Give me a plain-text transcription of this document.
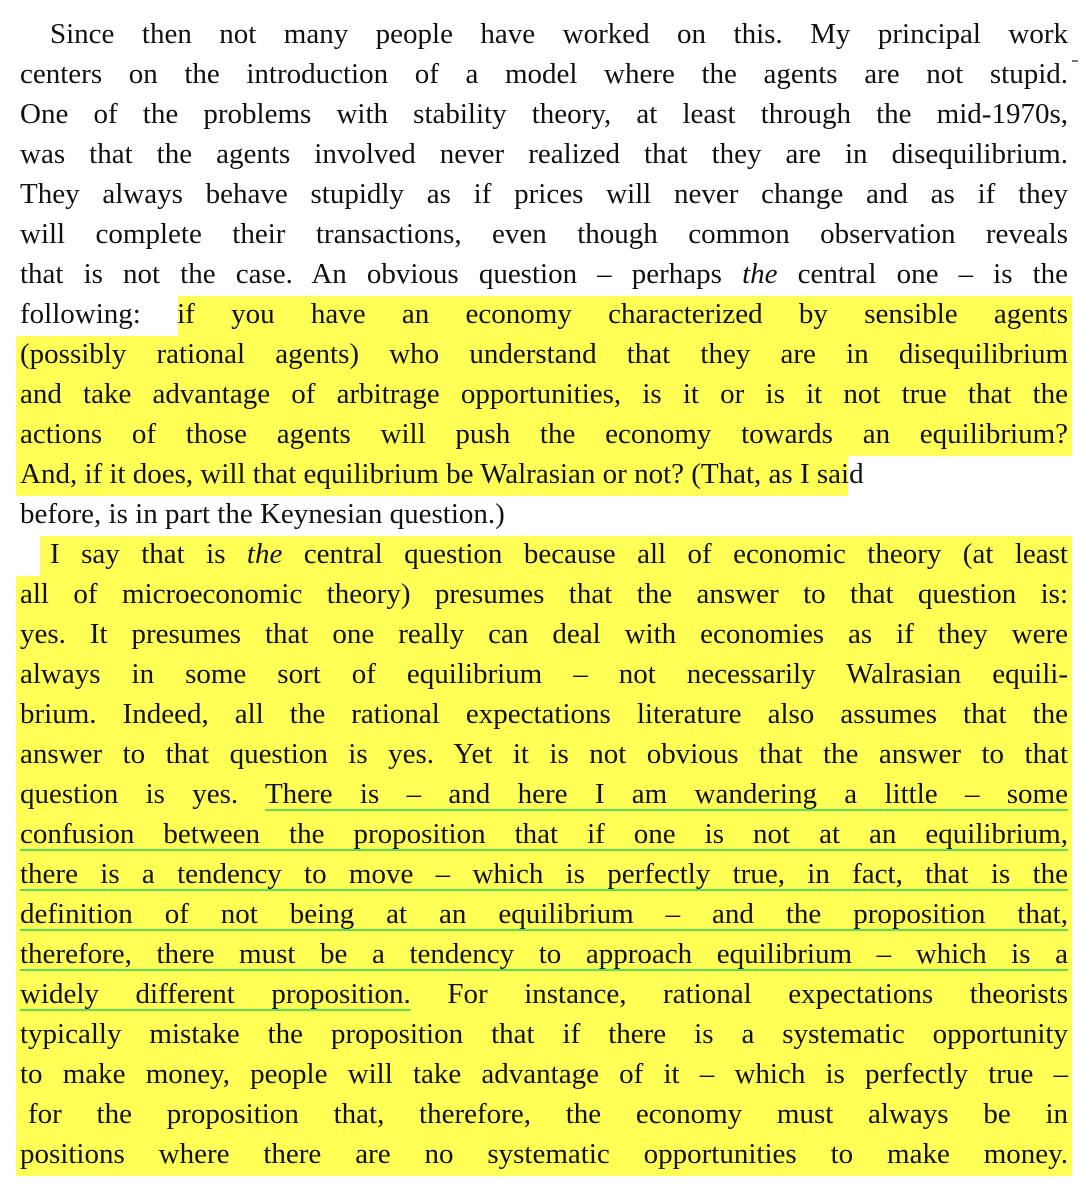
Since then not many people have worked on this. My principal work
centers on the introduction of a model where the agents are not stupid.
One of the problems with stability theory, at least through the mid-1970s,
was that the agents involved never realized that they are in disequilibrium.
They always behave stupidly as if prices will never change and as if they
will complete their transactions, even though common observation reveals
that is not the case. An obvious question – perhaps the central one – is the
following: if you have an economy characterized by sensible agents
(possibly rational agents) who understand that they are in disequilibrium
and take advantage of arbitrage opportunities, is it or is it not true that the
actions of those agents will push the economy towards an equilibrium?
And, if it does, will that equilibrium be Walrasian or not? (That, as I said
before, is in part the Keynesian question.)
I say that is the central question because all of economic theory (at least
all of microeconomic theory) presumes that the answer to that question is:
yes. It presumes that one really can deal with economies as if they were
always in some sort of equilibrium – not necessarily Walrasian equili-
brium. Indeed, all the rational expectations literature also assumes that the
answer to that question is yes. Yet it is not obvious that the answer to that
question is yes. There is – and here I am wandering a little – some
confusion between the proposition that if one is not at an equilibrium,
there is a tendency to move – which is perfectly true, in fact, that is the
definition of not being at an equilibrium – and the proposition that,
therefore, there must be a tendency to approach equilibrium – which is a
widely different proposition. For instance, rational expectations theorists
typically mistake the proposition that if there is a systematic opportunity
to make money, people will take advantage of it – which is perfectly true –
for the proposition that, therefore, the economy must always be in
positions where there are no systematic opportunities to make money.
